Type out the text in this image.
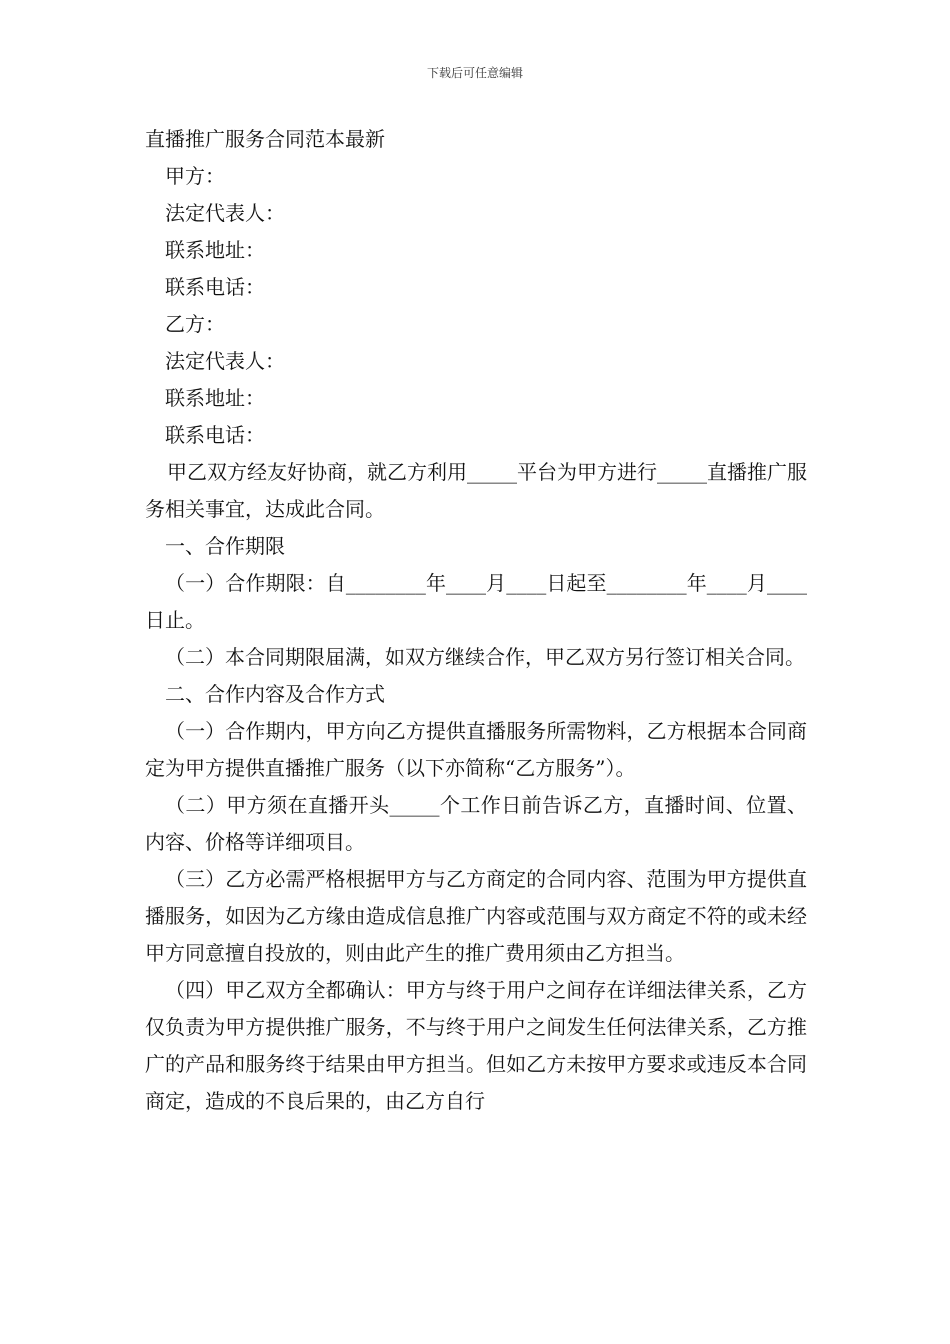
下载后可任意编辑

直播推广服务合同范本最新

甲方：

法定代表人：

联系地址：

联系电话：

乙方：

法定代表人：

联系地址：

联系电话：

甲乙双方经友好协商，就乙方利用_____平台为甲方进行_____直播推广服务相关事宜，达成此合同。

一、合作期限

（一）合作期限：自________年____月____日起至________年____月____日止。

（二）本合同期限届满，如双方继续合作，甲乙双方另行签订相关合同。

二、合作内容及合作方式

（一）合作期内，甲方向乙方提供直播服务所需物料，乙方根据本合同商定为甲方提供直播推广服务（以下亦简称“乙方服务”）。

（二）甲方须在直播开头_____个工作日前告诉乙方，直播时间、位置、内容、价格等详细项目。

（三）乙方必需严格根据甲方与乙方商定的合同内容、范围为甲方提供直播服务，如因为乙方缘由造成信息推广内容或范围与双方商定不符的或未经甲方同意擅自投放的，则由此产生的推广费用须由乙方担当。

（四）甲乙双方全都确认：甲方与终于用户之间存在详细法律关系，乙方仅负责为甲方提供推广服务，不与终于用户之间发生任何法律关系，乙方推广的产品和服务终于结果由甲方担当。但如乙方未按甲方要求或违反本合同商定，造成的不良后果的，由乙方自行
